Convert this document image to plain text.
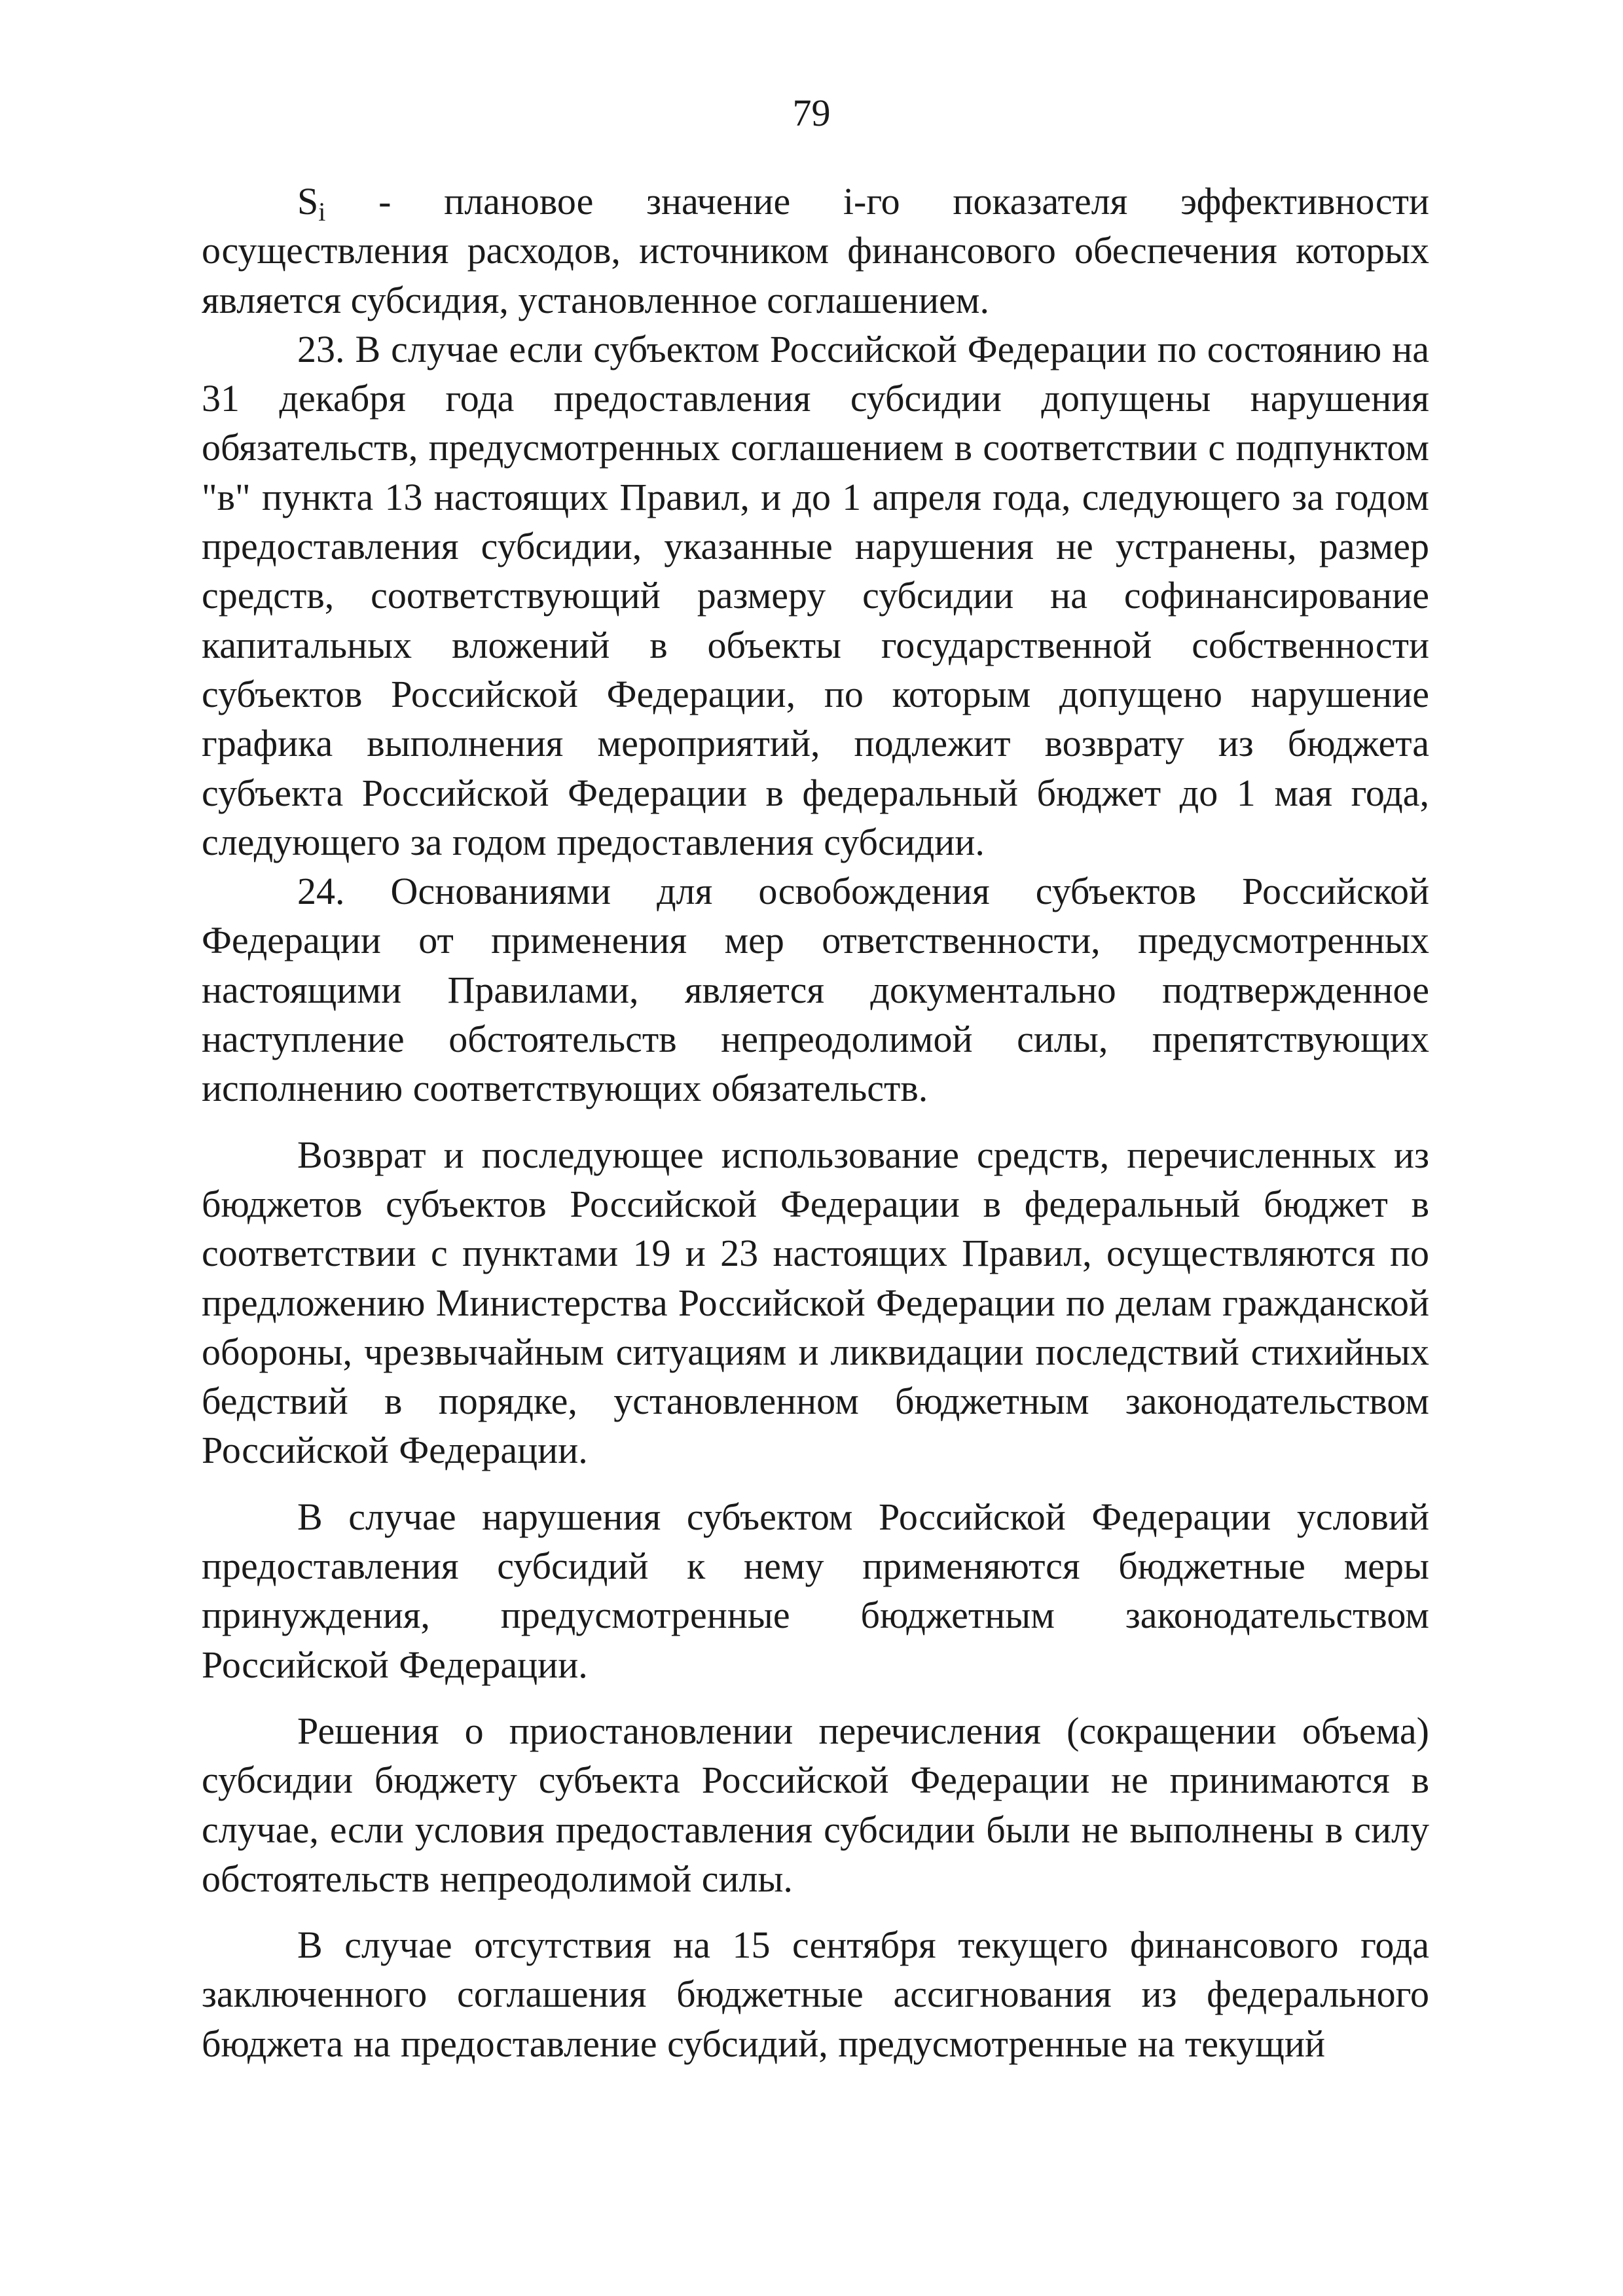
79

$S_i$ - плановое значение i-го показателя эффективности

осуществления расходов, источником финансового обеспечения которых является субсидия, установленное соглашением.

23. В случае если субъектом Российской Федерации по состоянию на 31 декабря года предоставления субсидии допущены нарушения обязательств, предусмотренных соглашением в соответствии с подпунктом "в" пункта 13 настоящих Правил, и до 1 апреля года, следующего за годом предоставления субсидии, указанные нарушения не устранены, размер средств, соответствующий размеру субсидии на софинансирование капитальных вложений в объекты государственной собственности субъектов Российской Федерации, по которым допущено нарушение графика выполнения мероприятий, подлежит возврату из бюджета субъекта Российской Федерации в федеральный бюджет до 1 мая года, следующего за годом предоставления субсидии.

24. Основаниями для освобождения субъектов Российской Федерации от применения мер ответственности, предусмотренных настоящими Правилами, является документально подтвержденное наступление обстоятельств непреодолимой силы, препятствующих исполнению соответствующих обязательств.

Возврат и последующее использование средств, перечисленных из бюджетов субъектов Российской Федерации в федеральный бюджет в соответствии с пунктами 19 и 23 настоящих Правил, осуществляются по предложению Министерства Российской Федерации по делам гражданской обороны, чрезвычайным ситуациям и ликвидации последствий стихийных бедствий в порядке, установленном бюджетным законодательством Российской Федерации.

В случае нарушения субъектом Российской Федерации условий предоставления субсидий к нему применяются бюджетные меры принуждения, предусмотренные бюджетным законодательством Российской Федерации.

Решения о приостановлении перечисления (сокращении объема) субсидии бюджету субъекта Российской Федерации не принимаются в случае, если условия предоставления субсидии были не выполнены в силу обстоятельств непреодолимой силы.

В случае отсутствия на 15 сентября текущего финансового года заключенного соглашения бюджетные ассигнования из федерального бюджета на предоставление субсидий, предусмотренные на текущий
